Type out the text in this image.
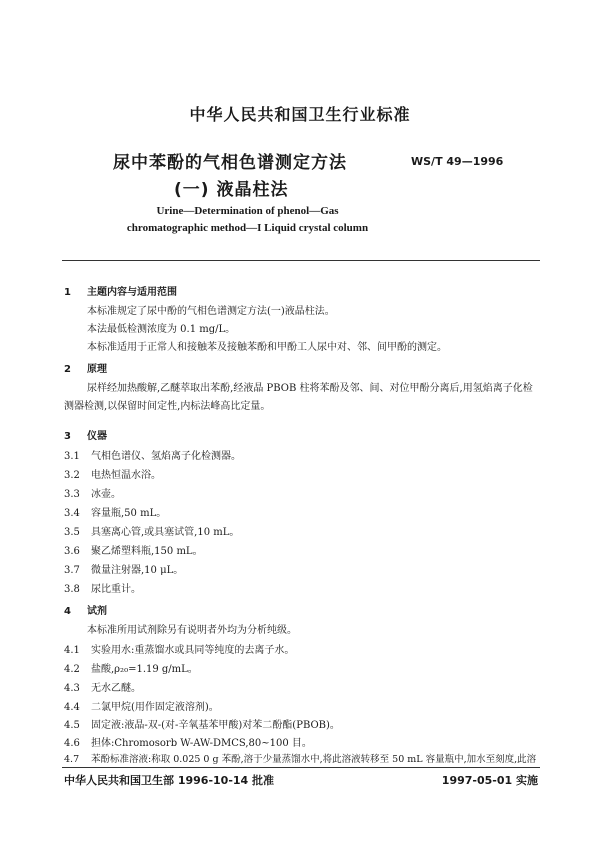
中华人民共和国卫生行业标准
尿中苯酚的气相色谱测定方法
(一) 液晶柱法
WS/T 49—1996
Urine—Determination of phenol—Gas
chromatographic method—I Liquid crystal column
1 主题内容与适用范围
本标准规定了尿中酚的气相色谱测定方法(一)液晶柱法。
本法最低检测浓度为 0.1 mg/L。
本标准适用于正常人和接触苯及接触苯酚和甲酚工人尿中对、邻、间甲酚的测定。
2 原理
尿样经加热酸解,乙醚萃取出苯酚,经液晶 PBOB 柱将苯酚及邻、间、对位甲酚分离后,用氢焰离子化检测器检测,以保留时间定性,内标法峰高比定量。
3 仪器
3.1 气相色谱仪、氢焰离子化检测器。
3.2 电热恒温水浴。
3.3 冰壶。
3.4 容量瓶,50 mL。
3.5 具塞离心管,或具塞试管,10 mL。
3.6 聚乙烯塑料瓶,150 mL。
3.7 微量注射器,10 μL。
3.8 尿比重计。
4 试剂
本标准所用试剂除另有说明者外均为分析纯级。
4.1 实验用水:重蒸馏水或具同等纯度的去离子水。
4.2 盐酸,ρ₂₀=1.19 g/mL。
4.3 无水乙醚。
4.4 二氯甲烷(用作固定液溶剂)。
4.5 固定液:液晶-双-(对-辛氧基苯甲酸)对苯二酚酯(PBOB)。
4.6 担体:Chromosorb W-AW-DMCS,80~100 目。
4.7 苯酚标准溶液:称取 0.025 0 g 苯酚,溶于少量蒸馏水中,将此溶液转移至 50 mL 容量瓶中,加水至刻度,此溶
中华人民共和国卫生部 1996-10-14 批准	1997-05-01 实施
